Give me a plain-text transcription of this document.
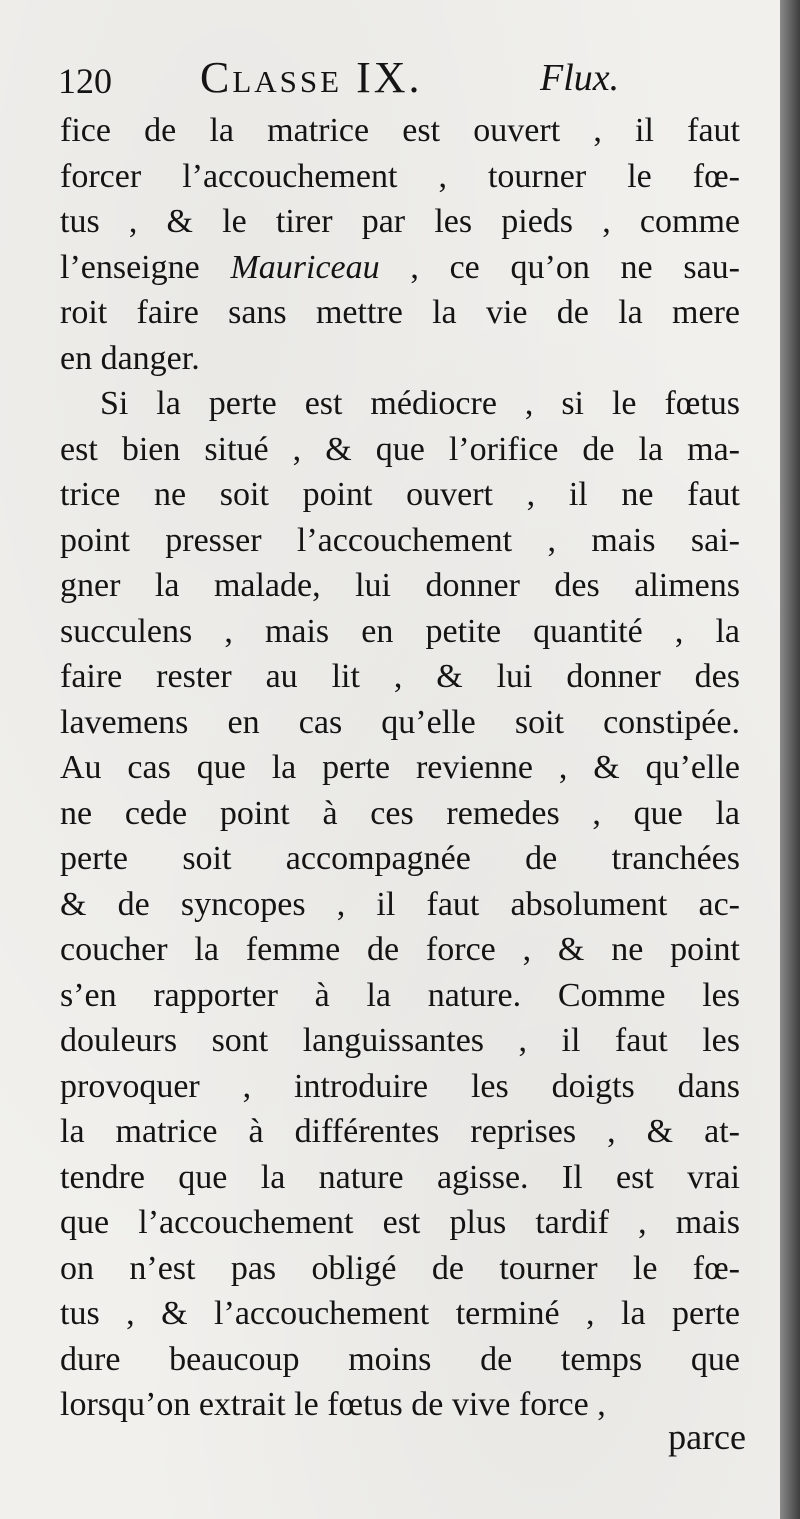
120 Classe IX.	Flux.
fice de la matrice est ouvert , il faut
forcer l’accouchement , tourner le fœ-
tus , & le tirer par les pieds , comme
l’enseigne Mauriceau , ce qu’on ne sau-
roit faire sans mettre la vie de la mere
en danger.
Si la perte est médiocre , si le fœtus
est bien situé , & que l’orifice de la ma-
trice ne soit point ouvert , il ne faut
point presser l’accouchement , mais sai-
gner la malade, lui donner des alimens
succulens , mais en petite quantité , la
faire rester au lit , & lui donner des
lavemens en cas qu’elle soit constipée.
Au cas que la perte revienne , & qu’elle
ne cede point à ces remedes , que la
perte soit accompagnée de tranchées
& de syncopes , il faut absolument ac-
coucher la femme de force , & ne point
s’en rapporter à la nature. Comme les
douleurs sont languissantes , il faut les
provoquer , introduire les doigts dans
la matrice à différentes reprises , & at-
tendre que la nature agisse. Il est vrai
que l’accouchement est plus tardif , mais
on n’est pas obligé de tourner le fœ-
tus , & l’accouchement terminé , la perte
dure beaucoup moins de temps que
lorsqu’on extrait le fœtus de vive force ,
parce
